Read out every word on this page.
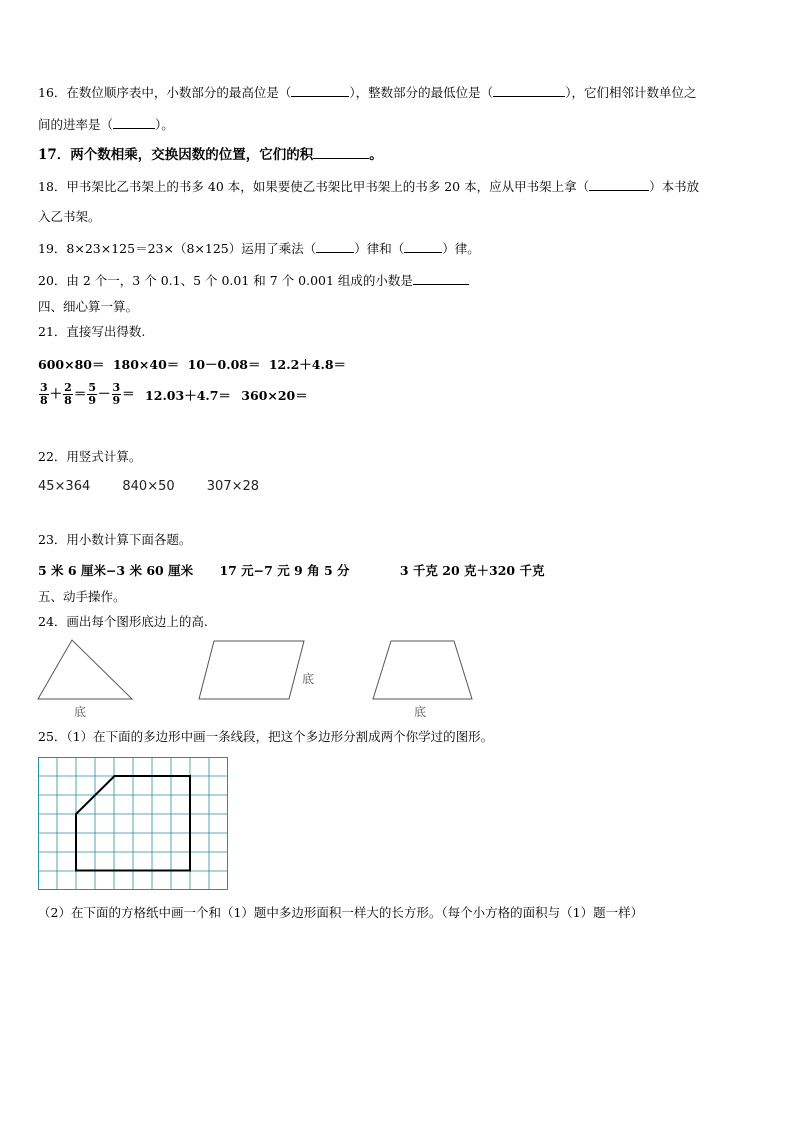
16．在数位顺序表中，小数部分的最高位是（	），整数部分的最低位是（	），它们相邻计数单位之
间的进率是（	）。
17．两个数相乘，交换因数的位置，它们的积	。
18．甲书架比乙书架上的书多 40 本，如果要使乙书架比甲书架上的书多 20 本，应从甲书架上拿（	）本书放
入乙书架。
19．8×23×125＝23×（8×125）运用了乘法（	）律和（	）律。
20．由 2 个一，3 个 0.1、5 个 0.01 和 7 个 0.001 组成的小数是
四、细心算一算。
21．直接写出得数.
600×80＝ 180×40＝ 10－0.08＝ 12.2＋4.8＝
$\frac{3}{8} + \frac{2}{8} = \frac{5}{9} - \frac{3}{9} = 12.03+4.7= 360\times 20=$
22．用竖式计算。
45×364 840×50 307×28
23．用小数计算下面各题。
5 米 6 厘米−3 米 60 厘米 17 元−7 元 9 角 5 分	3 千克 20 克＋320 千克
五、动手操作。
24．画出每个图形底边上的高.
底
底
底
25．（1）在下面的多边形中画一条线段，把这个多边形分割成两个你学过的图形。
（2）在下面的方格纸中画一个和（1）题中多边形面积一样大的长方形。（每个小方格的面积与（1）题一样）
